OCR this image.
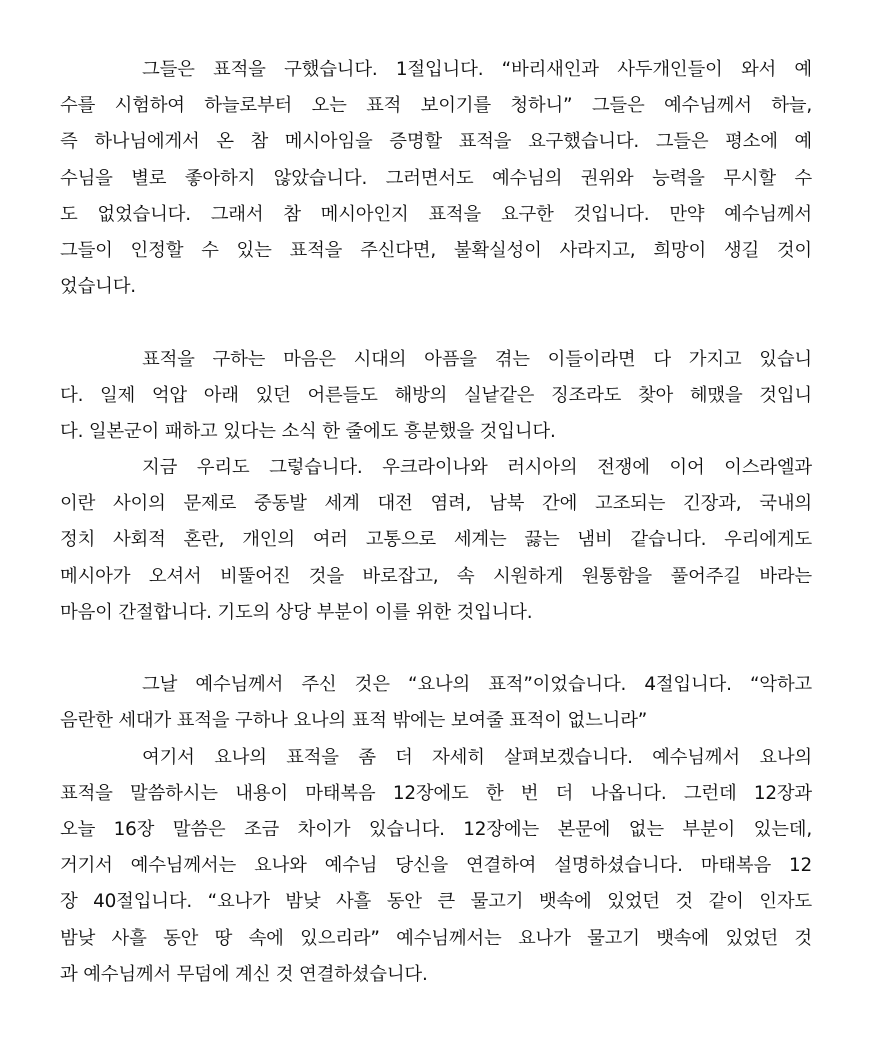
그들은 표적을 구했습니다. 1절입니다. “바리새인과 사두개인들이 와서 예
수를 시험하여 하늘로부터 오는 표적 보이기를 청하니” 그들은 예수님께서 하늘,
즉 하나님에게서 온 참 메시아임을 증명할 표적을 요구했습니다. 그들은 평소에 예
수님을 별로 좋아하지 않았습니다. 그러면서도 예수님의 권위와 능력을 무시할 수
도 없었습니다. 그래서 참 메시아인지 표적을 요구한 것입니다. 만약 예수님께서
그들이 인정할 수 있는 표적을 주신다면, 불확실성이 사라지고, 희망이 생길 것이
었습니다.
표적을 구하는 마음은 시대의 아픔을 겪는 이들이라면 다 가지고 있습니
다. 일제 억압 아래 있던 어른들도 해방의 실낱같은 징조라도 찾아 헤맸을 것입니
다. 일본군이 패하고 있다는 소식 한 줄에도 흥분했을 것입니다.
지금 우리도 그렇습니다. 우크라이나와 러시아의 전쟁에 이어 이스라엘과
이란 사이의 문제로 중동발 세계 대전 염려, 남북 간에 고조되는 긴장과, 국내의
정치 사회적 혼란, 개인의 여러 고통으로 세계는 끓는 냄비 같습니다. 우리에게도
메시아가 오셔서 비뚤어진 것을 바로잡고, 속 시원하게 원통함을 풀어주길 바라는
마음이 간절합니다. 기도의 상당 부분이 이를 위한 것입니다.
그날 예수님께서 주신 것은 “요나의 표적”이었습니다. 4절입니다. “악하고
음란한 세대가 표적을 구하나 요나의 표적 밖에는 보여줄 표적이 없느니라”
여기서 요나의 표적을 좀 더 자세히 살펴보겠습니다. 예수님께서 요나의
표적을 말씀하시는 내용이 마태복음 12장에도 한 번 더 나옵니다. 그런데 12장과
오늘 16장 말씀은 조금 차이가 있습니다. 12장에는 본문에 없는 부분이 있는데,
거기서 예수님께서는 요나와 예수님 당신을 연결하여 설명하셨습니다. 마태복음 12
장 40절입니다. “요나가 밤낮 사흘 동안 큰 물고기 뱃속에 있었던 것 같이 인자도
밤낮 사흘 동안 땅 속에 있으리라” 예수님께서는 요나가 물고기 뱃속에 있었던 것
과 예수님께서 무덤에 계신 것 연결하셨습니다.
